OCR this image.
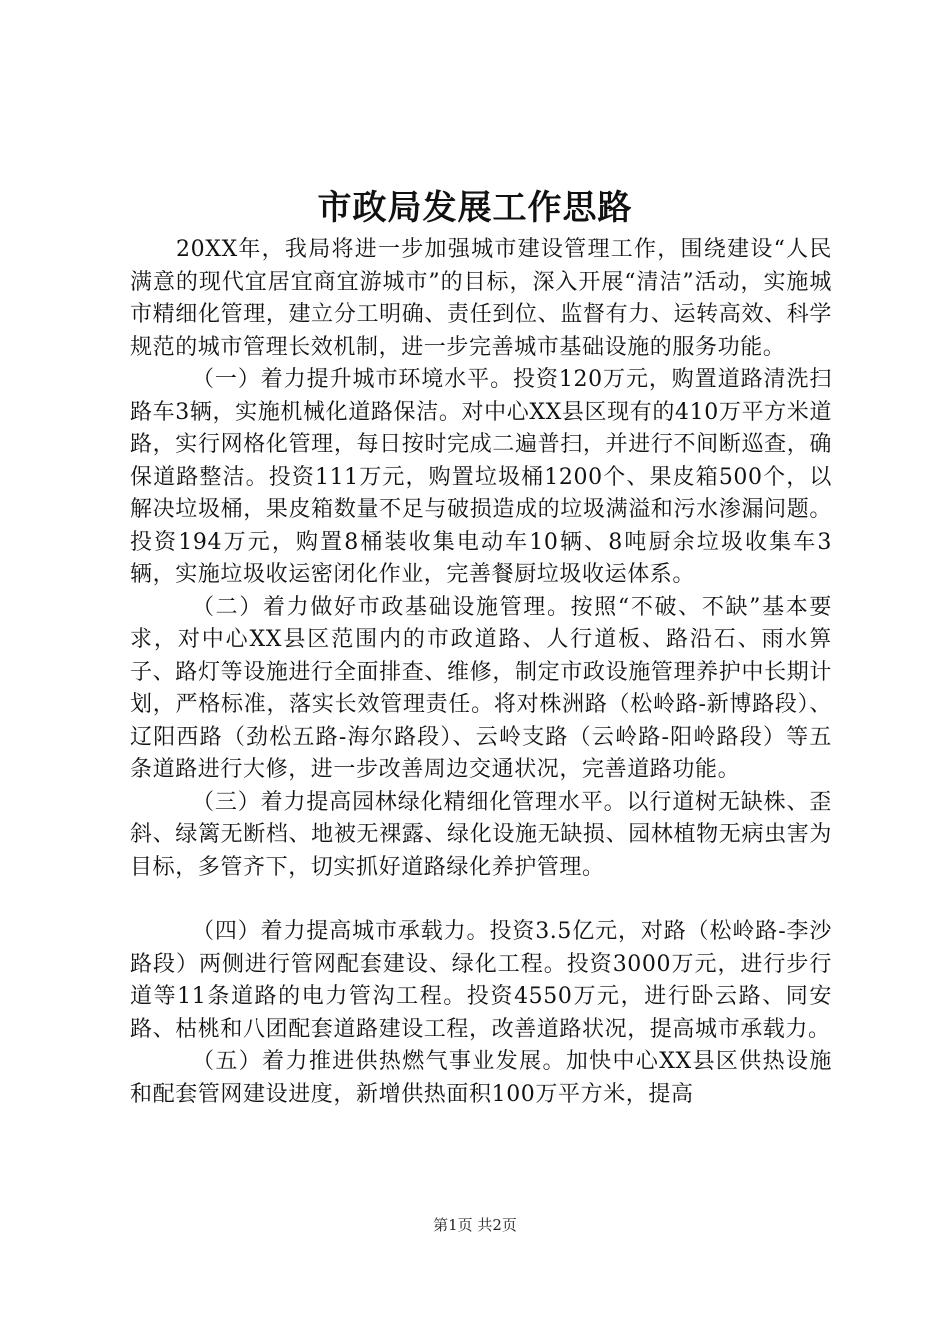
市政局发展工作思路

20XX年，我局将进一步加强城市建设管理工作，围绕建设“人民满意的现代宜居宜商宜游城市”的目标，深入开展“清洁”活动，实施城市精细化管理，建立分工明确、责任到位、监督有力、运转高效、科学规范的城市管理长效机制，进一步完善城市基础设施的服务功能。

（一）着力提升城市环境水平。投资120万元，购置道路清洗扫路车3辆，实施机械化道路保洁。对中心XX县区现有的410万平方米道路，实行网格化管理，每日按时完成二遍普扫，并进行不间断巡查，确保道路整洁。投资111万元，购置垃圾桶1200个、果皮箱500个，以解决垃圾桶，果皮箱数量不足与破损造成的垃圾满溢和污水渗漏问题。投资194万元，购置8桶装收集电动车10辆、8吨厨余垃圾收集车3辆，实施垃圾收运密闭化作业，完善餐厨垃圾收运体系。

（二）着力做好市政基础设施管理。按照“不破、不缺”基本要求，对中心XX县区范围内的市政道路、人行道板、路沿石、雨水箅子、路灯等设施进行全面排查、维修，制定市政设施管理养护中长期计划，严格标准，落实长效管理责任。将对株洲路（松岭路-新博路段）、辽阳西路（劲松五路-海尔路段）、云岭支路（云岭路-阳岭路段）等五条道路进行大修，进一步改善周边交通状况，完善道路功能。

（三）着力提高园林绿化精细化管理水平。以行道树无缺株、歪斜、绿篱无断档、地被无裸露、绿化设施无缺损、园林植物无病虫害为目标，多管齐下，切实抓好道路绿化养护管理。

（四）着力提高城市承载力。投资3.5亿元，对路（松岭路-李沙路段）两侧进行管网配套建设、绿化工程。投资3000万元，进行步行道等11条道路的电力管沟工程。投资4550万元，进行卧云路、同安路、枯桃和八团配套道路建设工程，改善道路状况，提高城市承载力。

（五）着力推进供热燃气事业发展。加快中心XX县区供热设施和配套管网建设进度，新增供热面积100万平方米，提高

第1页 共2页
